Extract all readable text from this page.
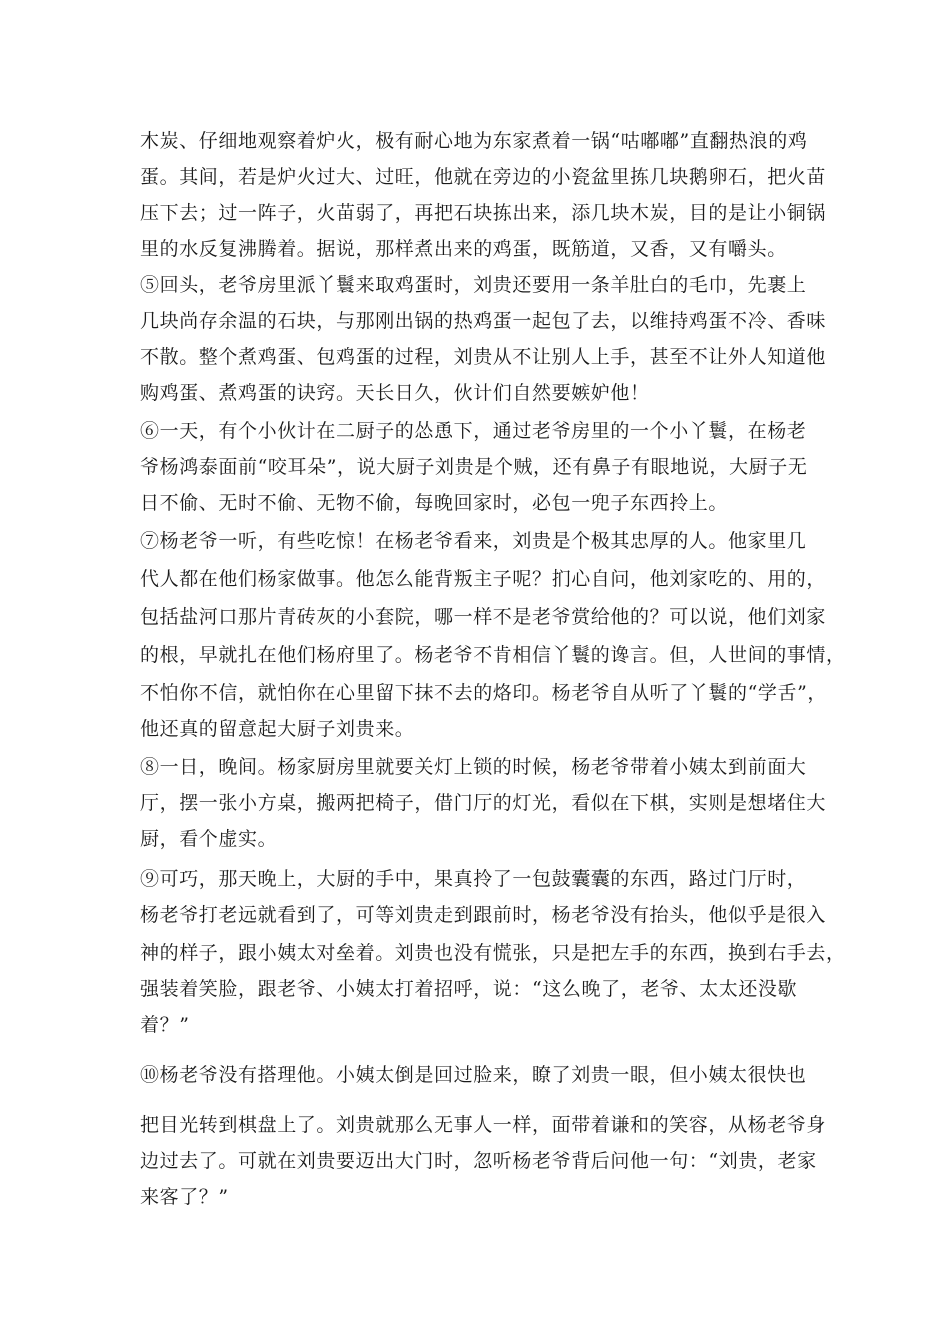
木炭、仔细地观察着炉火，极有耐心地为东家煮着一锅“咕嘟嘟”直翻热浪的鸡

蛋。其间，若是炉火过大、过旺，他就在旁边的小瓷盆里拣几块鹅卵石，把火苗

压下去；过一阵子，火苗弱了，再把石块拣出来，添几块木炭，目的是让小铜锅

里的水反复沸腾着。据说，那样煮出来的鸡蛋，既筋道，又香，又有嚼头。

⑤回头，老爷房里派丫鬟来取鸡蛋时，刘贵还要用一条羊肚白的毛巾，先裹上

几块尚存余温的石块，与那刚出锅的热鸡蛋一起包了去，以维持鸡蛋不冷、香味

不散。整个煮鸡蛋、包鸡蛋的过程，刘贵从不让别人上手，甚至不让外人知道他

购鸡蛋、煮鸡蛋的诀窍。天长日久，伙计们自然要嫉妒他！

⑥一天，有个小伙计在二厨子的怂恿下，通过老爷房里的一个小丫鬟，在杨老

爷杨鸿泰面前“咬耳朵”，说大厨子刘贵是个贼，还有鼻子有眼地说，大厨子无

日不偷、无时不偷、无物不偷，每晚回家时，必包一兜子东西拎上。

⑦杨老爷一听，有些吃惊！在杨老爷看来，刘贵是个极其忠厚的人。他家里几

代人都在他们杨家做事。他怎么能背叛主子呢？扪心自问，他刘家吃的、用的，

包括盐河口那片青砖灰的小套院，哪一样不是老爷赏给他的？可以说，他们刘家

的根，早就扎在他们杨府里了。杨老爷不肯相信丫鬟的谗言。但，人世间的事情，

不怕你不信，就怕你在心里留下抹不去的烙印。杨老爷自从听了丫鬟的“学舌”，

他还真的留意起大厨子刘贵来。

⑧一日，晚间。杨家厨房里就要关灯上锁的时候，杨老爷带着小姨太到前面大

厅，摆一张小方桌，搬两把椅子，借门厅的灯光，看似在下棋，实则是想堵住大

厨，看个虚实。

⑨可巧，那天晚上，大厨的手中，果真拎了一包鼓囊囊的东西，路过门厅时，

杨老爷打老远就看到了，可等刘贵走到跟前时，杨老爷没有抬头，他似乎是很入

神的样子，跟小姨太对垒着。刘贵也没有慌张，只是把左手的东西，换到右手去，

强装着笑脸，跟老爷、小姨太打着招呼，说：“这么晚了，老爷、太太还没歇

着？”

⑩杨老爷没有搭理他。小姨太倒是回过脸来，瞭了刘贵一眼，但小姨太很快也

把目光转到棋盘上了。刘贵就那么无事人一样，面带着谦和的笑容，从杨老爷身

边过去了。可就在刘贵要迈出大门时，忽听杨老爷背后问他一句：“刘贵，老家

来客了？”
